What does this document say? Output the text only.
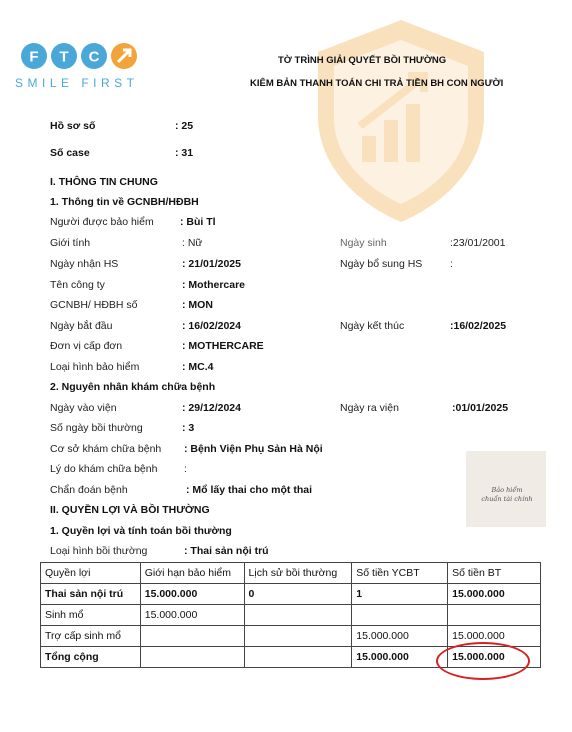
F T C
SMILE FIRST
TỜ TRÌNH GIẢI QUYẾT BỒI THƯỜNG
KIÊM BẢN THANH TOÁN CHI TRẢ TIỀN BH CON NGƯỜI
Hồ sơ số	: 25
Số case	: 31
I. THÔNG TIN CHUNG
1. Thông tin về GCNBH/HĐBH
Người được bảo hiểm	: Bùi Tl
Giới tính	: Nữ	Ngày sinh	:23/01/2001
Ngày nhận HS	: 21/01/2025	Ngày bổ sung HS	:
Tên công ty	: Mothercare
GCNBH/ HĐBH số	: MON
Ngày bắt đầu	: 16/02/2024	Ngày kết thúc	:16/02/2025
Đơn vị cấp đơn	: MOTHERCARE
Loại hình bảo hiểm	: MC.4
2. Nguyên nhân khám chữa bệnh
Ngày vào viện	: 29/12/2024	Ngày ra viện	:01/01/2025
Số ngày bồi thường	: 3
Cơ sở khám chữa bệnh : Bệnh Viện Phụ Sản Hà Nội
Lý do khám chữa bệnh	:
Chẩn đoán bệnh	: Mổ lấy thai cho một thai
II. QUYỀN LỢI VÀ BỒI THƯỜNG
1. Quyền lợi và tính toán bồi thường
Loại hình bồi thường	: Thai sản nội trú
Bảo hiểm
chuẩn tài chính
Quyền lợi	Giới hạn bảo hiểm	Lịch sử bồi thường	Số tiền YCBT	Số tiền BT
Thai sản nội trú	15.000.000	0	1	15.000.000
Sinh mổ	15.000.000			
Trợ cấp sinh mổ			15.000.000	15.000.000
Tổng cộng			15.000.000	15.000.000
